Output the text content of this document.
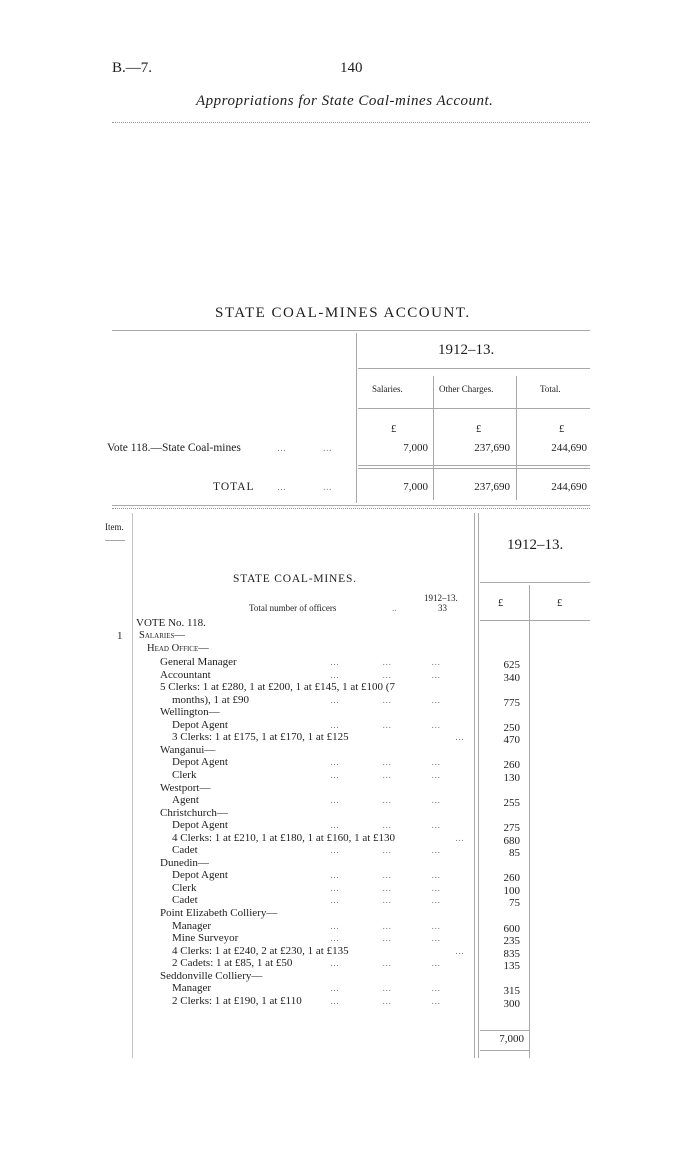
B.—7.	140
Appropriations for State Coal-mines Account.
STATE COAL-MINES ACCOUNT.
1912–13.
Salaries.	Other Charges.	Total.
£	£	£
Vote 118.—State Coal-mines	…           …	7,000	237,690	244,690
TOTAL …           …	7,000	237,690	244,690
Item.
1912–13.
£	£
STATE COAL-MINES.
1912–13.
Total number of officers	..	33
VOTE No. 118.
1 Salaries—
Head Office—
General Manager	…             …            …	625
Accountant	…             …            …	340
5 Clerks: 1 at £280, 1 at £200, 1 at £145, 1 at £100 (7
months), 1 at £90	…             …            …	775
Wellington—
Depot Agent	…             …            …	250
3 Clerks: 1 at £175, 1 at £170, 1 at £125	…	470
Wanganui—
Depot Agent	…             …            …	260
Clerk	…             …            …	130
Westport—
Agent	…             …            …	255
Christchurch—
Depot Agent	…             …            …	275
4 Clerks: 1 at £210, 1 at £180, 1 at £160, 1 at £130	…	680
Cadet	…             …            …	85
Dunedin—
Depot Agent	…             …            …	260
Clerk	…             …            …	100
Cadet	…             …            …	75
Point Elizabeth Colliery—
Manager	…             …            …	600
Mine Surveyor	…             …            …	235
4 Clerks: 1 at £240, 2 at £230, 1 at £135	…	835
2 Cadets: 1 at £85, 1 at £50	…             …            …	135
Seddonville Colliery—
Manager	…             …            …	315
2 Clerks: 1 at £190, 1 at £110	…             …            …	300
7,000
